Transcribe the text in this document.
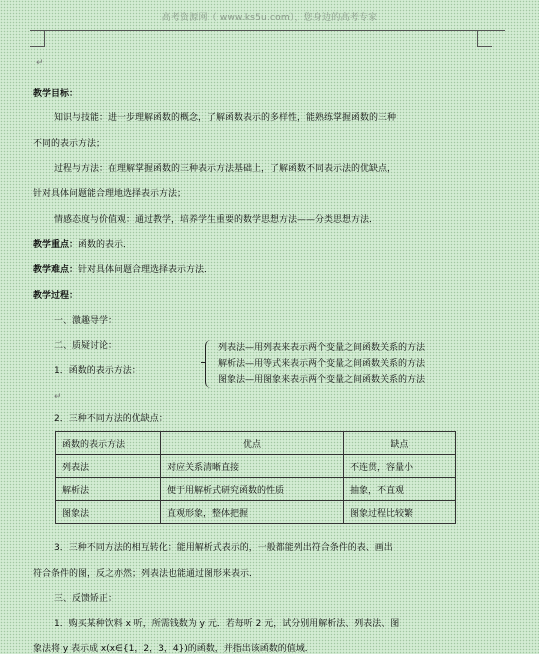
高考资源网（ www.ks5u.com），您身边的高考专家
↵
教学目标：
知识与技能：进一步理解函数的概念，了解函数表示的多样性，能熟练掌握函数的三种
不同的表示方法；
过程与方法：在理解掌握函数的三种表示方法基础上，了解函数不同表示法的优缺点，
针对具体问题能合理地选择表示方法；
情感态度与价值观：通过教学，培养学生重要的数学思想方法——分类思想方法．
教学重点：函数的表示．
教学难点：针对具体问题合理选择表示方法．
教学过程：
一、激趣导学：
二、质疑讨论：
1．函数的表示方法：
列表法—用列表来表示两个变量之间函数关系的方法
解析法—用等式来表示两个变量之间函数关系的方法
图象法—用图象来表示两个变量之间函数关系的方法
↵
2．三种不同方法的优缺点：
函数的表示方法	优点	缺点
列表法	对应关系清晰直接	不连贯，容量小
解析法	便于用解析式研究函数的性质	抽象，不直观
图象法	直观形象，整体把握	图象过程比较繁
3．三种不同方法的相互转化：能用解析式表示的，一般都能列出符合条件的表、画出
符合条件的图，反之亦然；列表法也能通过图形来表示．
三、反馈矫正：
1．购买某种饮料 x 听，所需钱数为 y 元．若每听 2 元，试分别用解析法、列表法、图
象法将 y 表示成 x(x∈{1，2，3，4})的函数，并指出该函数的值域．
